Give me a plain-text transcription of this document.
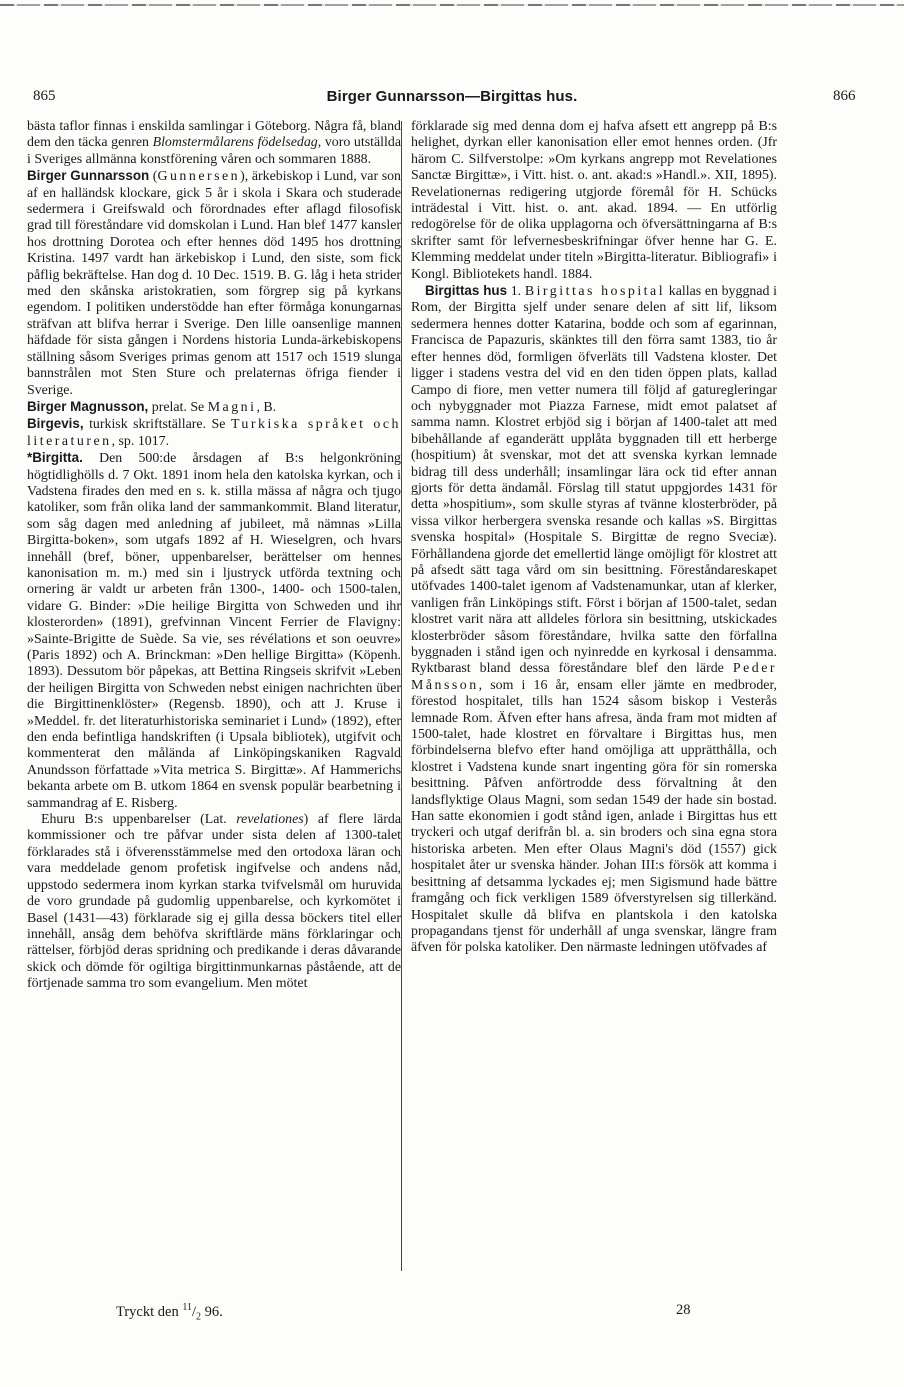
865	Birger Gunnarsson—Birgittas hus.	866

bästa taflor finnas i enskilda samlingar i Göteborg. Några få, bland dem den täcka genren Blomstermålarens födelsedag, voro utställda i Sveriges allmänna konstförening våren och sommaren 1888.

Birger Gunnarsson (Gunnersen), ärkebiskop i Lund, var son af en halländsk klockare, gick 5 år i skola i Skara och studerade sedermera i Greifswald och förordnades efter aflagd filosofisk grad till föreståndare vid domskolan i Lund. Han blef 1477 kansler hos drottning Dorotea och efter hennes död 1495 hos drottning Kristina. 1497 vardt han ärkebiskop i Lund, den siste, som fick påflig bekräftelse. Han dog d. 10 Dec. 1519. B. G. låg i heta strider med den skånska aristokratien, som förgrep sig på kyrkans egendom. I politiken understödde han efter förmåga konungarnas sträfvan att blifva herrar i Sverige. Den lille oansenlige mannen häfdade för sista gången i Nordens historia Lunda-ärkebiskopens ställning såsom Sveriges primas genom att 1517 och 1519 slunga bannstrålen mot Sten Sture och prelaternas öfriga fiender i Sverige.

Birger Magnusson, prelat. Se Magni, B.

Birgevis, turkisk skriftställare. Se Turkiska språket och literaturen, sp. 1017.

*Birgitta. Den 500:de årsdagen af B:s helgonkröning högtidlighölls d. 7 Okt. 1891 inom hela den katolska kyrkan, och i Vadstena firades den med en s. k. stilla mässa af några och tjugo katoliker, som från olika land der sammankommit. Bland literatur, som såg dagen med anledning af jubileet, må nämnas »Lilla Birgitta-boken», som utgafs 1892 af H. Wieselgren, och hvars innehåll (bref, böner, uppenbarelser, berättelser om hennes kanonisation m. m.) med sin i ljustryck utförda textning och ornering är valdt ur arbeten från 1300-, 1400- och 1500-talen, vidare G. Binder: »Die heilige Birgitta von Schweden und ihr klosterorden» (1891), grefvinnan Vincent Ferrier de Flavigny: »Sainte-Brigitte de Suède. Sa vie, ses révélations et son oeuvre» (Paris 1892) och A. Brinckman: »Den hellige Birgitta» (Köpenh. 1893). Dessutom bör påpekas, att Bettina Ringseis skrifvit »Leben der heiligen Birgitta von Schweden nebst einigen nachrichten über die Birgittinenklöster» (Regensb. 1890), och att J. Kruse i »Meddel. fr. det literaturhistoriska seminariet i Lund» (1892), efter den enda befintliga handskriften (i Upsala bibliotek), utgifvit och kommenterat den målända af Linköpingskaniken Ragvald Anundsson författade »Vita metrica S. Birgittæ». Af Hammerichs bekanta arbete om B. utkom 1864 en svensk populär bearbetning i sammandrag af E. Risberg.

Ehuru B:s uppenbarelser (Lat. revelationes) af flere lärda kommissioner och tre påfvar under sista delen af 1300-talet förklarades stå i öfverensstämmelse med den ortodoxa läran och vara meddelade genom profetisk ingifvelse och andens nåd, uppstodo sedermera inom kyrkan starka tvifvelsmål om huruvida de voro grundade på gudomlig uppenbarelse, och kyrkomötet i Basel (1431—43) förklarade sig ej gilla dessa böckers titel eller innehåll, ansåg dem behöfva skriftlärde mäns förklaringar och rättelser, förbjöd deras spridning och predikande i deras dåvarande skick och dömde för ogiltiga birgittinmunkarnas påstående, att de förtjenade samma tro som evangelium. Men mötet

förklarade sig med denna dom ej hafva afsett ett angrepp på B:s helighet, dyrkan eller kanonisation eller emot hennes orden. (Jfr härom C. Silfverstolpe: »Om kyrkans angrepp mot Revelationes Sanctæ Birgittæ», i Vitt. hist. o. ant. akad:s »Handl.». XII, 1895). Revelationernas redigering utgjorde föremål för H. Schücks inträdestal i Vitt. hist. o. ant. akad. 1894. — En utförlig redogörelse för de olika upplagorna och öfversättningarna af B:s skrifter samt för lefvernesbeskrifningar öfver henne har G. E. Klemming meddelat under titeln »Birgitta-literatur. Bibliografi» i Kongl. Bibliotekets handl. 1884.

Birgittas hus 1. Birgittas hospital kallas en byggnad i Rom, der Birgitta sjelf under senare delen af sitt lif, liksom sedermera hennes dotter Katarina, bodde och som af egarinnan, Francisca de Papazuris, skänktes till den förra samt 1383, tio år efter hennes död, formligen öfverläts till Vadstena kloster. Det ligger i stadens vestra del vid en den tiden öppen plats, kallad Campo di fiore, men vetter numera till följd af gaturegleringar och nybyggnader mot Piazza Farnese, midt emot palatset af samma namn. Klostret erbjöd sig i början af 1400-talet att med bibehållande af eganderätt upplåta byggnaden till ett herberge (hospitium) åt svenskar, mot det att svenska kyrkan lemnade bidrag till dess underhåll; insamlingar lära ock tid efter annan gjorts för detta ändamål. Förslag till statut uppgjordes 1431 för detta »hospitium», som skulle styras af tvänne klosterbröder, på vissa vilkor herbergera svenska resande och kallas »S. Birgittas svenska hospital» (Hospitale S. Birgittæ de regno Sveciæ). Förhållandena gjorde det emellertid länge omöjligt för klostret att på afsedt sätt taga vård om sin besittning. Föreståndareskapet utöfvades 1400-talet igenom af Vadstenamunkar, utan af klerker, vanligen från Linköpings stift. Först i början af 1500-talet, sedan klostret varit nära att alldeles förlora sin besittning, utskickades klosterbröder såsom föreståndare, hvilka satte den förfallna byggnaden i stånd igen och nyinredde en kyrkosal i densamma. Ryktbarast bland dessa föreståndare blef den lärde Peder Månsson, som i 16 år, ensam eller jämte en medbroder, förestod hospitalet, tills han 1524 såsom biskop i Vesterås lemnade Rom. Äfven efter hans afresa, ända fram mot midten af 1500-talet, hade klostret en förvaltare i Birgittas hus, men förbindelserna blefvo efter hand omöjliga att upprätthålla, och klostret i Vadstena kunde snart ingenting göra för sin romerska besittning. Påfven anförtrodde dess förvaltning åt den landsflyktige Olaus Magni, som sedan 1549 der hade sin bostad. Han satte ekonomien i godt stånd igen, anlade i Birgittas hus ett tryckeri och utgaf derifrån bl. a. sin broders och sina egna stora historiska arbeten. Men efter Olaus Magni's död (1557) gick hospitalet åter ur svenska händer. Johan III:s försök att komma i besittning af detsamma lyckades ej; men Sigismund hade bättre framgång och fick verkligen 1589 öfverstyrelsen sig tillerkänd. Hospitalet skulle då blifva en plantskola i den katolska propagandans tjenst för underhåll af unga svenskar, längre fram äfven för polska katoliker. Den närmaste ledningen utöfvades af

Tryckt den $^{11}/_2$ 96.	28
